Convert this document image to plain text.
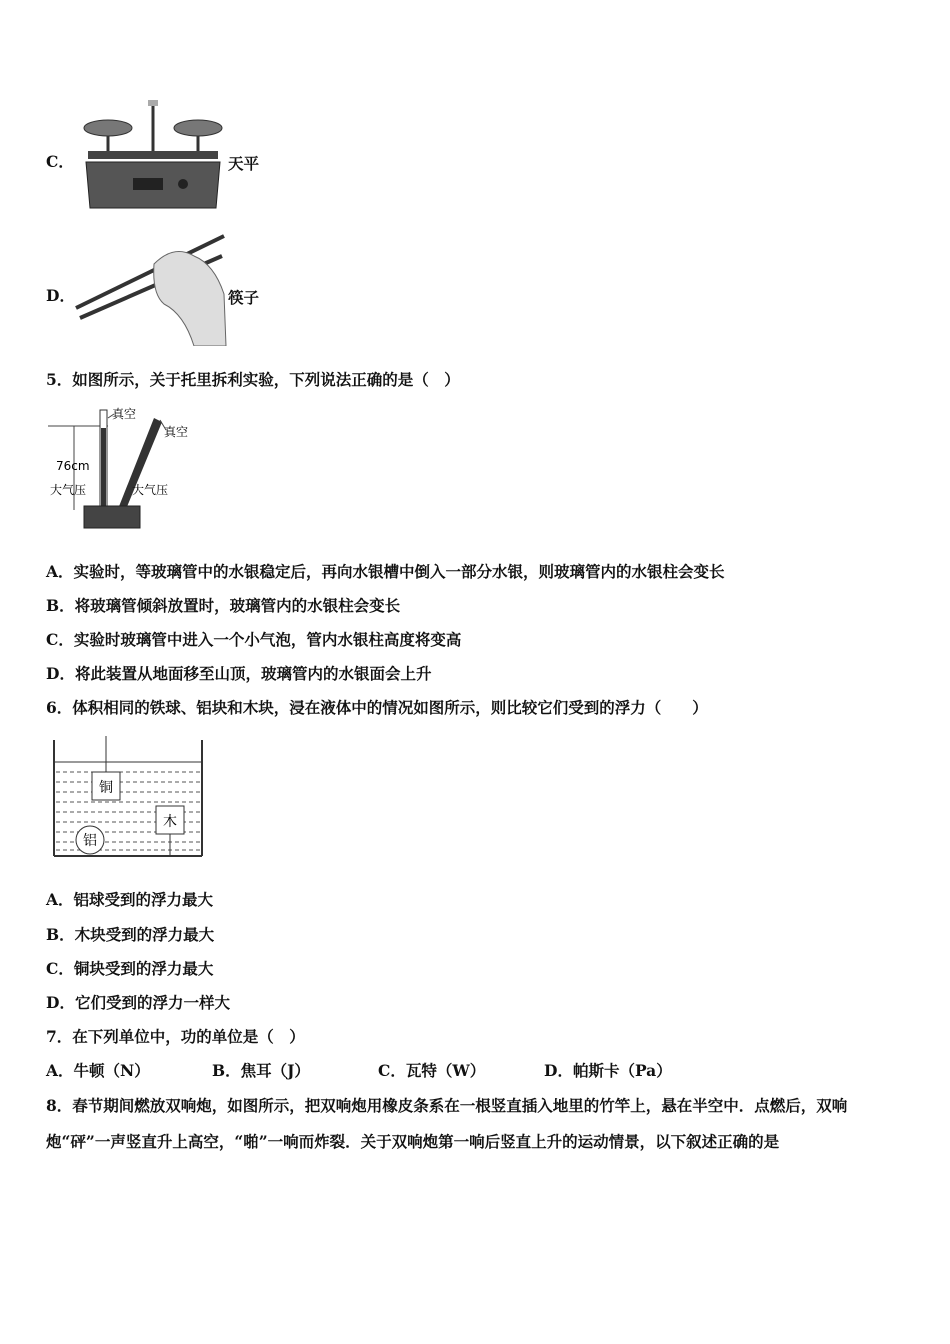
C．	天平
D．	筷子
5．如图所示，关于托里拆利实验，下列说法正确的是（　）
真空
真空
76cm
大气压	大气压
A．实验时，等玻璃管中的水银稳定后，再向水银槽中倒入一部分水银，则玻璃管内的水银柱会变长
B．将玻璃管倾斜放置时，玻璃管内的水银柱会变长
C．实验时玻璃管中进入一个小气泡，管内水银柱高度将变高
D．将此装置从地面移至山顶，玻璃管内的水银面会上升
6．体积相同的铁球、铝块和木块，浸在液体中的情况如图所示，则比较它们受到的浮力（　　）
铜
木
铝
A．铝球受到的浮力最大
B．木块受到的浮力最大
C．铜块受到的浮力最大
D．它们受到的浮力一样大
7．在下列单位中，功的单位是（　）
A．牛顿（N）	B．焦耳（J）	C．瓦特（W）	D．帕斯卡（Pa）
8．春节期间燃放双响炮，如图所示，把双响炮用橡皮条系在一根竖直插入地里的竹竿上，悬在半空中．点燃后，双响炮“砰”一声竖直升上高空，“啪”一响而炸裂．关于双响炮第一响后竖直上升的运动情景，以下叙述正确的是
